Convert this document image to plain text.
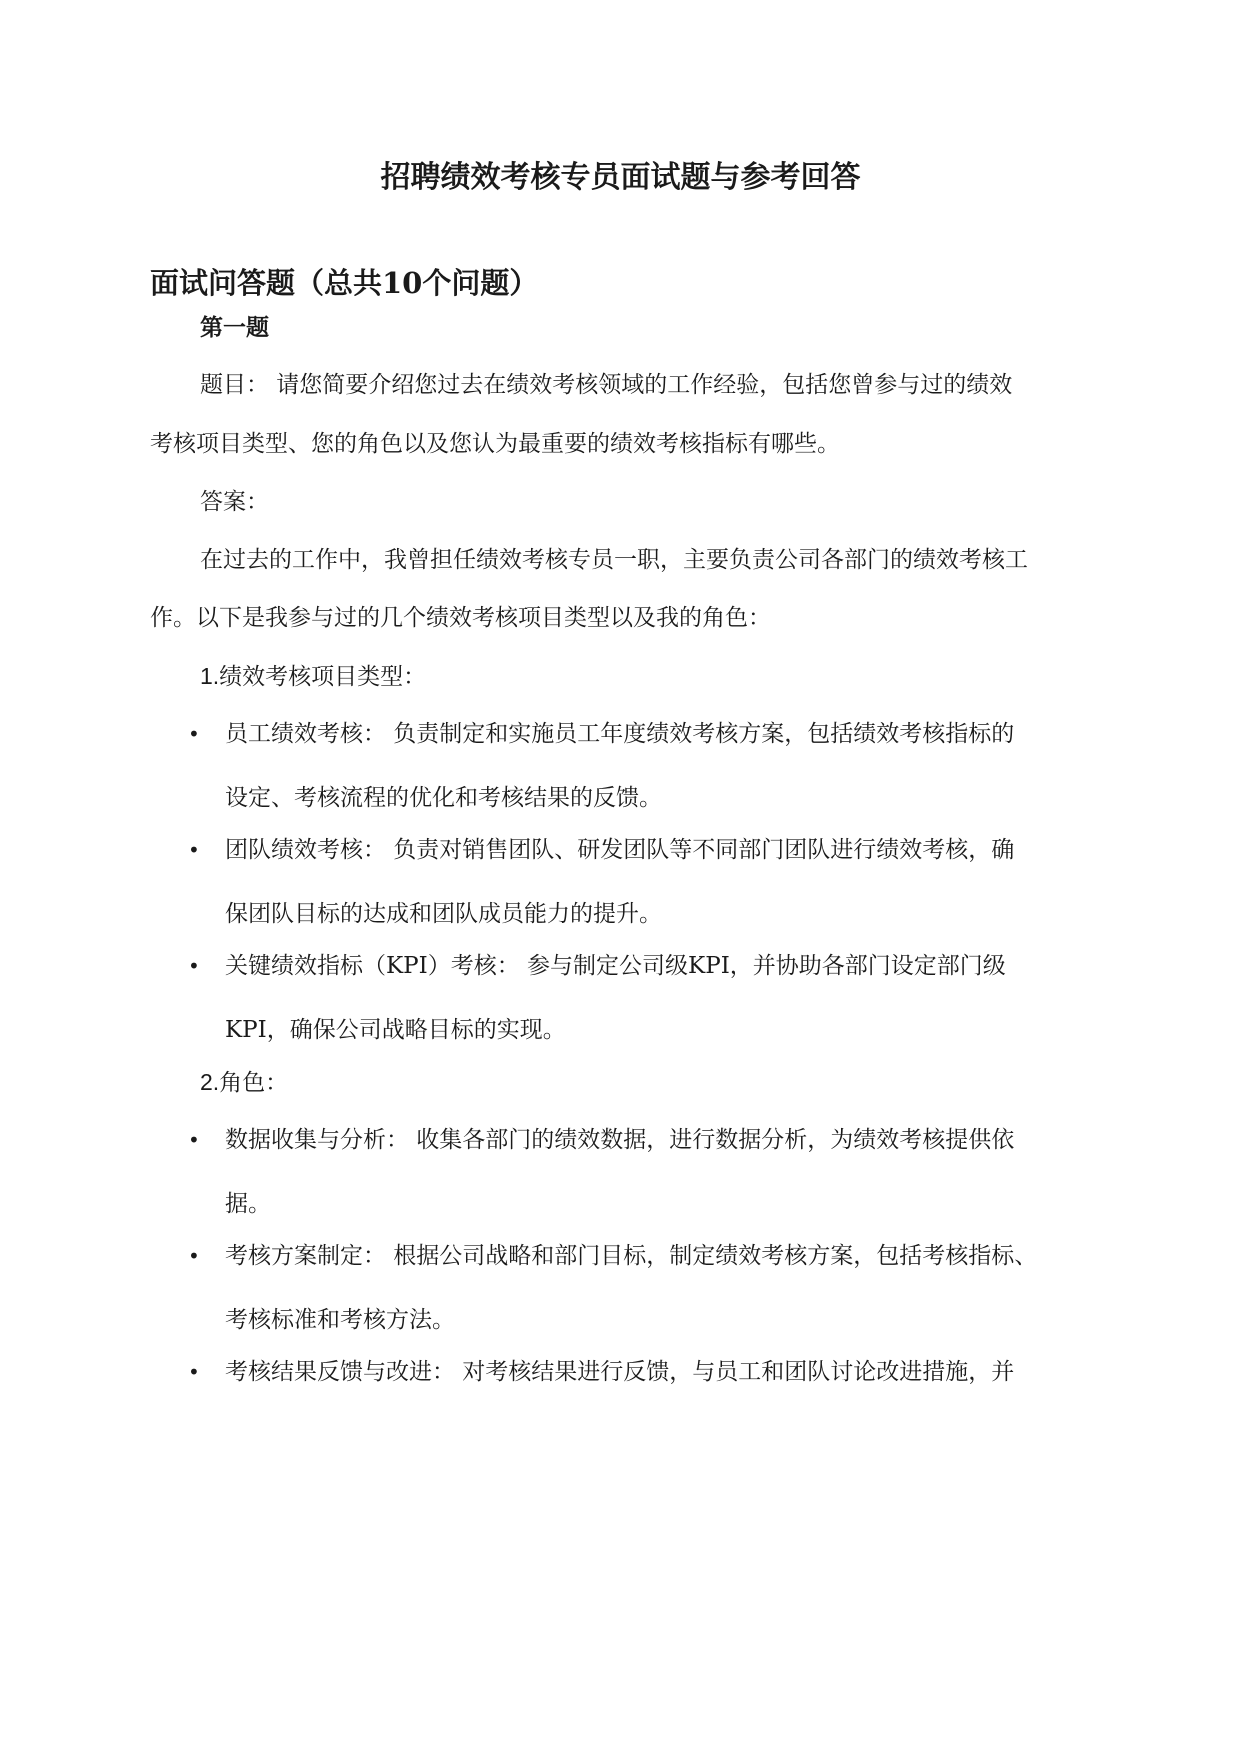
招聘绩效考核专员面试题与参考回答
面试问答题（总共10个问题）

第一题

题目： 请您简要介绍您过去在绩效考核领域的工作经验，包括您曾参与过的绩效

考核项目类型、您的角色以及您认为最重要的绩效考核指标有哪些。

答案：

在过去的工作中，我曾担任绩效考核专员一职，主要负责公司各部门的绩效考核工

作。以下是我参与过的几个绩效考核项目类型以及我的角色：

1.绩效考核项目类型：

•	员工绩效考核： 负责制定和实施员工年度绩效考核方案，包括绩效考核指标的
设定、考核流程的优化和考核结果的反馈。
•	团队绩效考核： 负责对销售团队、研发团队等不同部门团队进行绩效考核，确
保团队目标的达成和团队成员能力的提升。
•	关键绩效指标（KPI）考核： 参与制定公司级KPI，并协助各部门设定部门级
KPI，确保公司战略目标的实现。

2.角色：

•	数据收集与分析： 收集各部门的绩效数据，进行数据分析，为绩效考核提供依
据。
•	考核方案制定： 根据公司战略和部门目标，制定绩效考核方案，包括考核指标、
考核标准和考核方法。
•	考核结果反馈与改进： 对考核结果进行反馈，与员工和团队讨论改进措施，并
